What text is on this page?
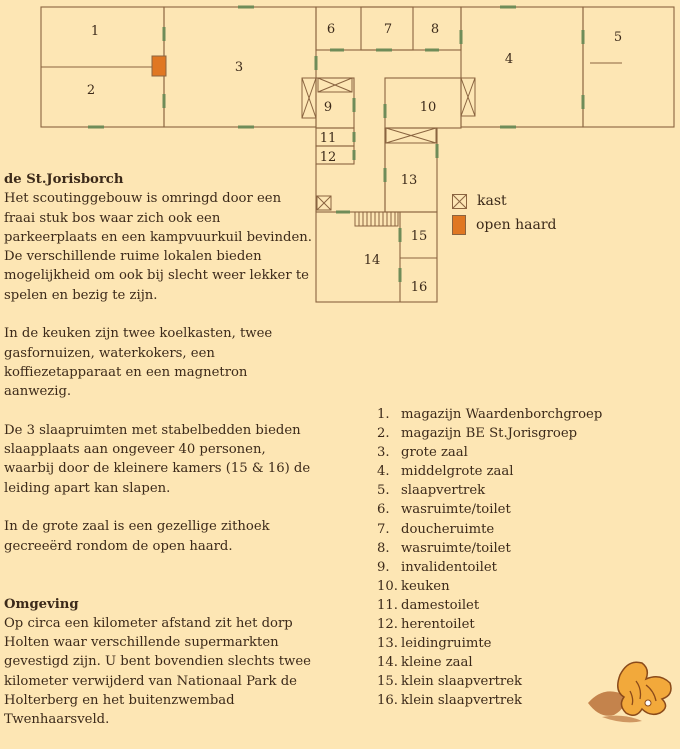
1
2
3
4
5
6	7	8
9	10
11
12
13
14
15
16
kast
open haard
de St.Jorisborch

Het scoutinggebouw is omringd door een fraai stuk bos waar zich ook een parkeerplaats en een kampvuurkuil bevinden. De verschillende ruime lokalen bieden mogelijkheid om ook bij slecht weer lekker te spelen en bezig te zijn.

In de keuken zijn twee koelkasten, twee gasfornuizen, waterkokers, een koffiezetapparaat en een magnetron aanwezig.

De 3 slaapruimten met stabelbedden bieden slaapplaats aan ongeveer 40 personen, waarbij door de kleinere kamers (15 & 16) de leiding apart kan slapen.

In de grote zaal is een gezellige zithoek gecreeërd rondom de open haard.

Omgeving

Op circa een kilometer afstand zit het dorp Holten waar verschillende supermarkten gevestigd zijn. U bent bovendien slechts twee kilometer verwijderd van Nationaal Park de Holterberg en het buitenzwembad Twenhaarsveld.

1. magazijn Waardenborchgroep
2. magazijn BE St.Jorisgroep
3. grote zaal
4. middelgrote zaal
5. slaapvertrek
6. wasruimte/toilet
7. doucheruimte
8. wasruimte/toilet
9. invalidentoilet
10. keuken
11. damestoilet
12. herentoilet
13. leidingruimte
14. kleine zaal
15. klein slaapvertrek
16. klein slaapvertrek
